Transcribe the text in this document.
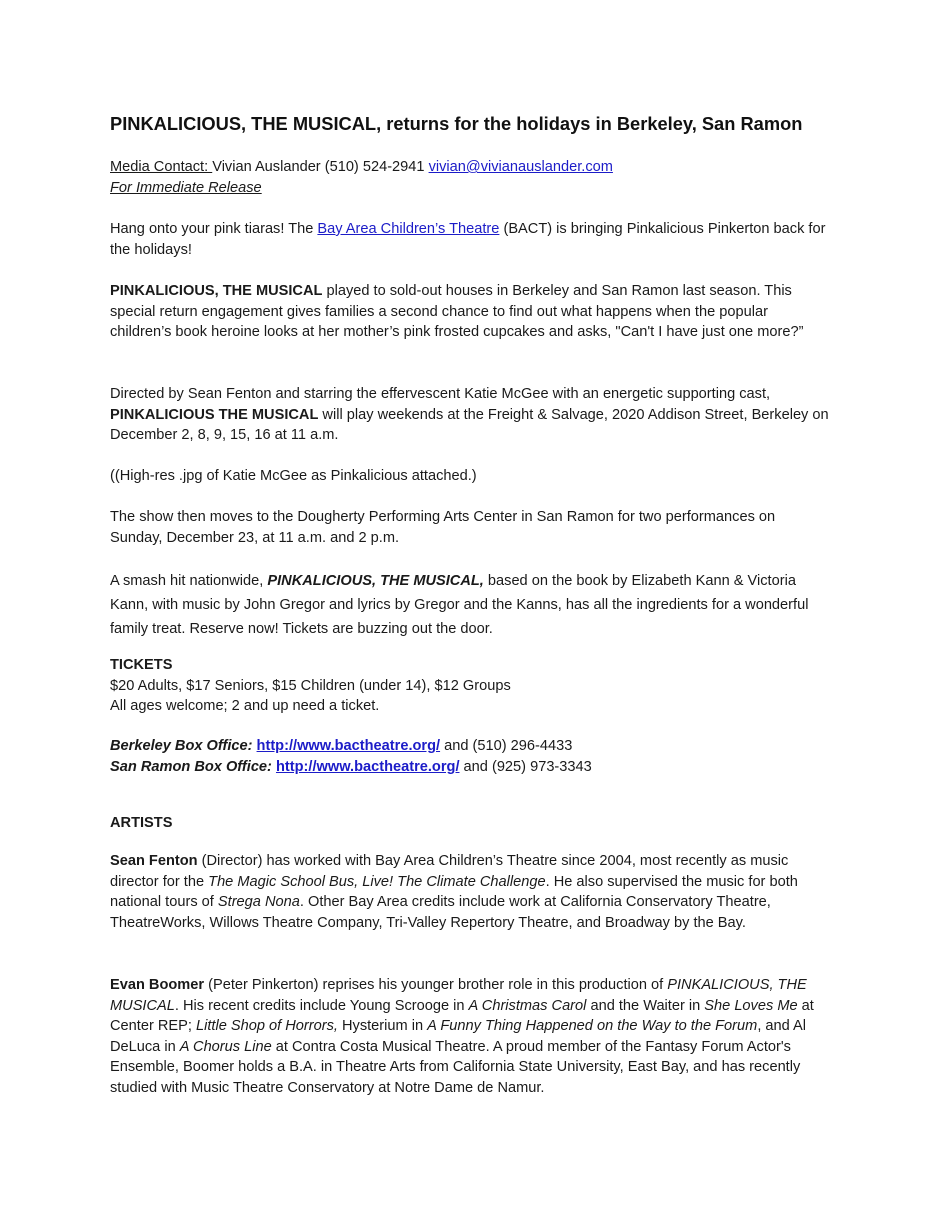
PINKALICIOUS, THE MUSICAL, returns for the holidays in Berkeley, San Ramon

Media Contact: Vivian Auslander (510) 524-2941 vivian@vivianauslander.com

For Immediate Release

Hang onto your pink tiaras! The Bay Area Children’s Theatre (BACT) is bringing Pinkalicious Pinkerton back for the holidays!

PINKALICIOUS, THE MUSICAL played to sold-out houses in Berkeley and San Ramon last season. This special return engagement gives families a second chance to find out what happens when the popular children’s book heroine looks at her mother’s pink frosted cupcakes and asks, "Can't I have just one more?”

Directed by Sean Fenton and starring the effervescent Katie McGee with an energetic supporting cast, PINKALICIOUS THE MUSICAL will play weekends at the Freight & Salvage, 2020 Addison Street, Berkeley on December 2, 8, 9, 15, 16 at 11 a.m.

((High-res .jpg of Katie McGee as Pinkalicious attached.)

The show then moves to the Dougherty Performing Arts Center in San Ramon for two performances on Sunday, December 23, at 11 a.m. and 2 p.m.

A smash hit nationwide, PINKALICIOUS, THE MUSICAL, based on the book by Elizabeth Kann & Victoria Kann, with music by John Gregor and lyrics by Gregor and the Kanns, has all the ingredients for a wonderful family treat. Reserve now! Tickets are buzzing out the door.

TICKETS

$20 Adults, $17 Seniors, $15 Children (under 14), $12 Groups

All ages welcome; 2 and up need a ticket.

Berkeley Box Office: http://www.bactheatre.org/ and (510) 296-4433

San Ramon Box Office: http://www.bactheatre.org/ and (925) 973-3343

ARTISTS

Sean Fenton (Director) has worked with Bay Area Children’s Theatre since 2004, most recently as music director for the The Magic School Bus, Live! The Climate Challenge. He also supervised the music for both national tours of Strega Nona. Other Bay Area credits include work at California Conservatory Theatre, TheatreWorks, Willows Theatre Company, Tri-Valley Repertory Theatre, and Broadway by the Bay.

Evan Boomer (Peter Pinkerton) reprises his younger brother role in this production of PINKALICIOUS, THE MUSICAL. His recent credits include Young Scrooge in A Christmas Carol and the Waiter in She Loves Me at Center REP; Little Shop of Horrors, Hysterium in A Funny Thing Happened on the Way to the Forum, and Al DeLuca in A Chorus Line at Contra Costa Musical Theatre. A proud member of the Fantasy Forum Actor's Ensemble, Boomer holds a B.A. in Theatre Arts from California State University, East Bay, and has recently studied with Music Theatre Conservatory at Notre Dame de Namur.
